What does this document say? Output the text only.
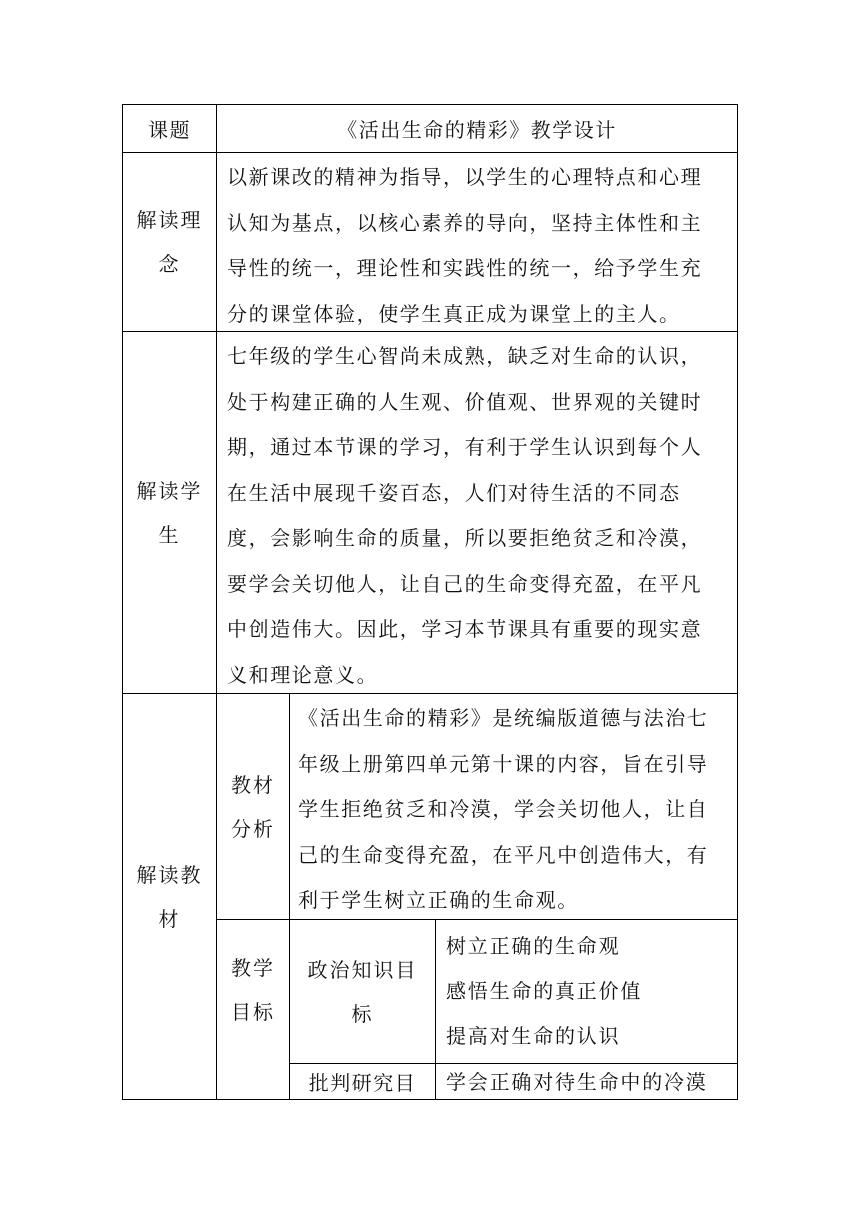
课题	《活出生命的精彩》教学设计
解读理
念
以新课改的精神为指导，以学生的心理特点和心理
认知为基点，以核心素养的导向，坚持主体性和主
导性的统一，理论性和实践性的统一，给予学生充
分的课堂体验，使学生真正成为课堂上的主人。
解读学
生
七年级的学生心智尚未成熟，缺乏对生命的认识，
处于构建正确的人生观、价值观、世界观的关键时
期，通过本节课的学习，有利于学生认识到每个人
在生活中展现千姿百态，人们对待生活的不同态
度，会影响生命的质量，所以要拒绝贫乏和冷漠，
要学会关切他人，让自己的生命变得充盈，在平凡
中创造伟大。因此，学习本节课具有重要的现实意
义和理论意义。
解读教
材
教材
分析
《活出生命的精彩》是统编版道德与法治七
年级上册第四单元第十课的内容，旨在引导
学生拒绝贫乏和冷漠，学会关切他人，让自
己的生命变得充盈，在平凡中创造伟大，有
利于学生树立正确的生命观。
教学
目标
政治知识目
标
树立正确的生命观
感悟生命的真正价值
提高对生命的认识
批判研究目	学会正确对待生命中的冷漠
